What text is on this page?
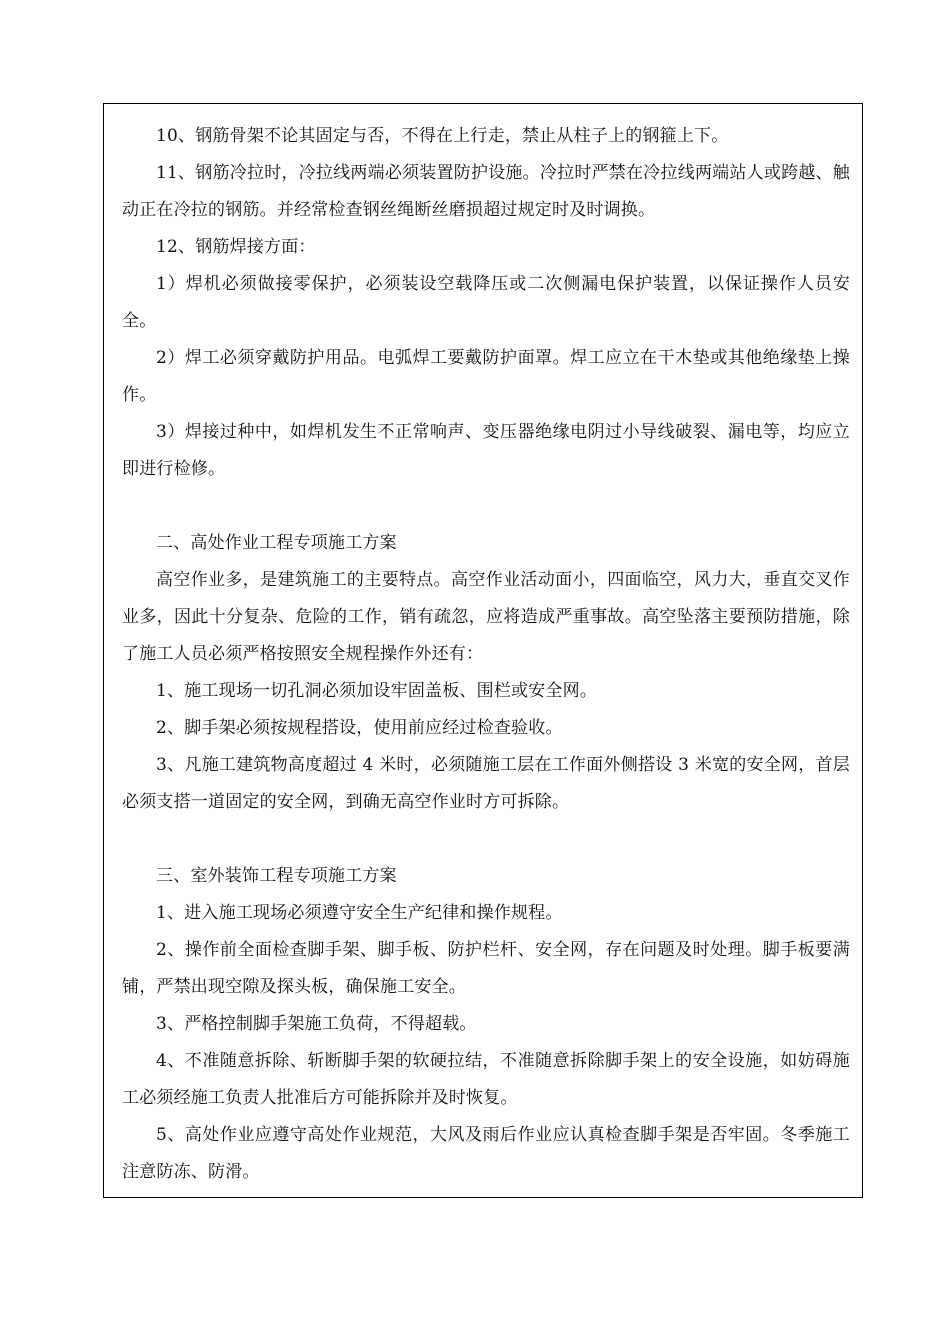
10、钢筋骨架不论其固定与否，不得在上行走，禁止从柱子上的钢箍上下。

11、钢筋冷拉时，冷拉线两端必须装置防护设施。冷拉时严禁在冷拉线两端站人或跨越、触动正在冷拉的钢筋。并经常检查钢丝绳断丝磨损超过规定时及时调换。

12、钢筋焊接方面：

1）焊机必须做接零保护，必须装设空载降压或二次侧漏电保护装置，以保证操作人员安全。

2）焊工必须穿戴防护用品。电弧焊工要戴防护面罩。焊工应立在干木垫或其他绝缘垫上操作。

3）焊接过种中，如焊机发生不正常响声、变压器绝缘电阴过小导线破裂、漏电等，均应立即进行检修。

二、高处作业工程专项施工方案

高空作业多，是建筑施工的主要特点。高空作业活动面小，四面临空，风力大，垂直交叉作业多，因此十分复杂、危险的工作，销有疏忽，应将造成严重事故。高空坠落主要预防措施，除了施工人员必须严格按照安全规程操作外还有：

1、施工现场一切孔洞必须加设牢固盖板、围栏或安全网。

2、脚手架必须按规程搭设，使用前应经过检查验收。

3、凡施工建筑物高度超过 4 米时，必须随施工层在工作面外侧搭设 3 米宽的安全网，首层必须支搭一道固定的安全网，到确无高空作业时方可拆除。

三、室外装饰工程专项施工方案

1、进入施工现场必须遵守安全生产纪律和操作规程。

2、操作前全面检查脚手架、脚手板、防护栏杆、安全网，存在问题及时处理。脚手板要满铺，严禁出现空隙及探头板，确保施工安全。

3、严格控制脚手架施工负荷，不得超载。

4、不准随意拆除、斩断脚手架的软硬拉结，不准随意拆除脚手架上的安全设施，如妨碍施工必须经施工负责人批准后方可能拆除并及时恢复。

5、高处作业应遵守高处作业规范，大风及雨后作业应认真检查脚手架是否牢固。冬季施工注意防冻、防滑。
